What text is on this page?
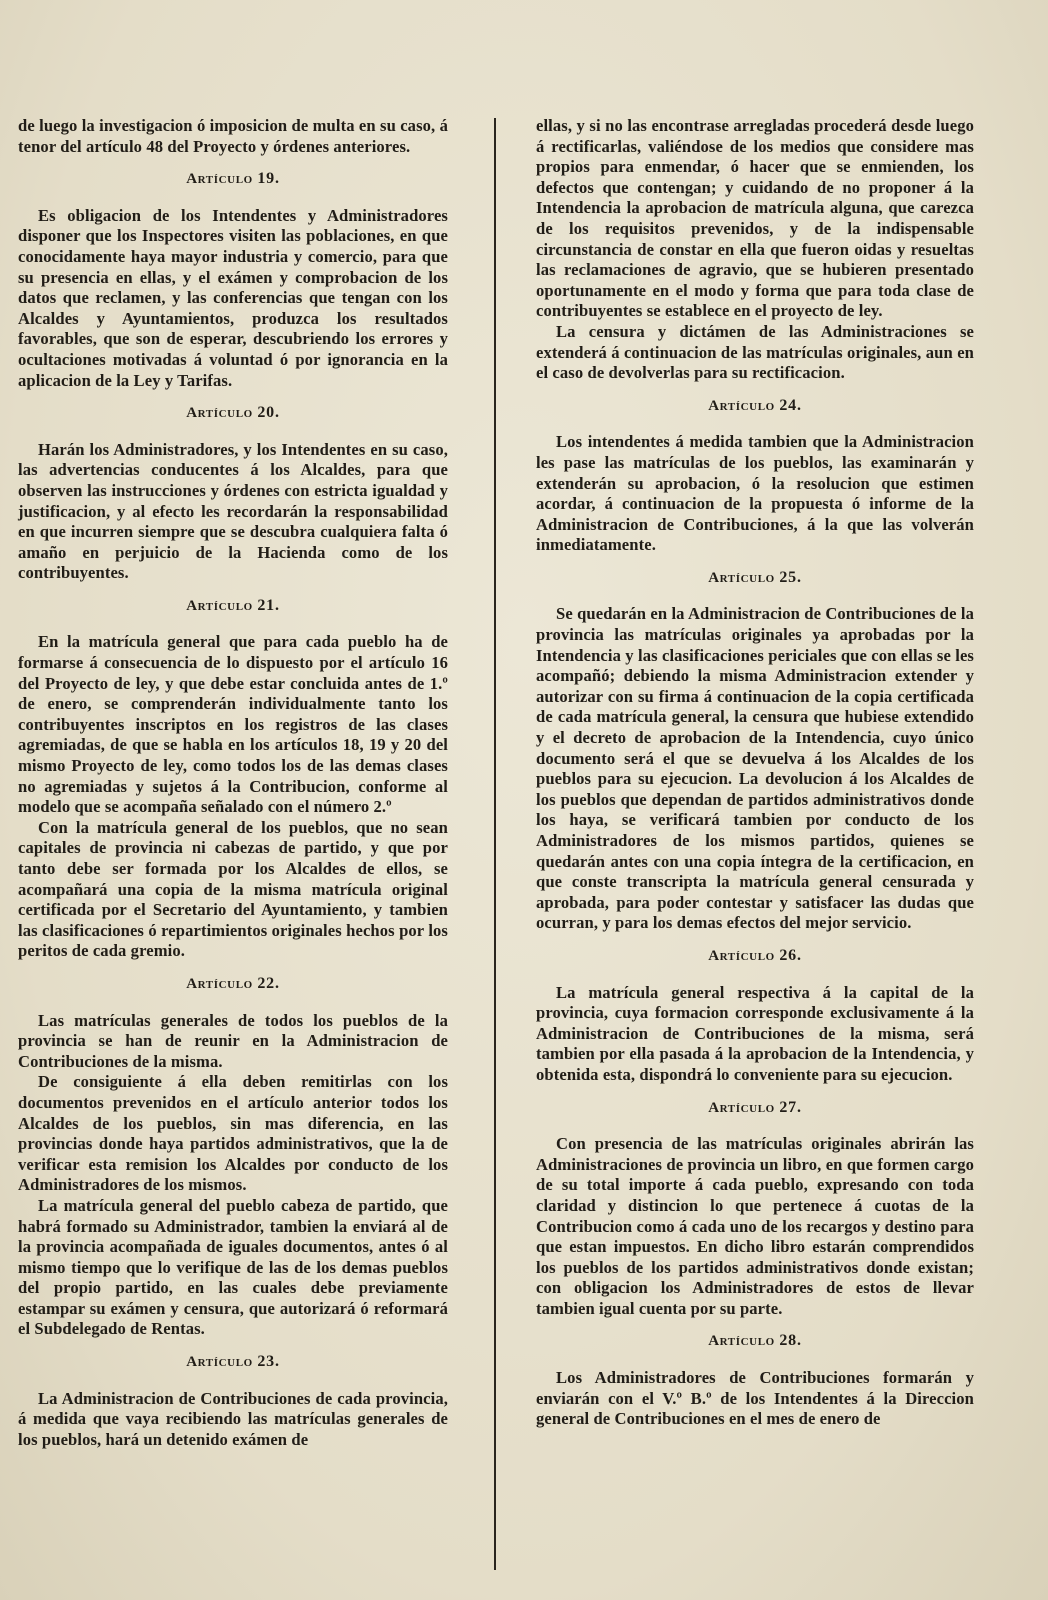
de luego la investigacion ó imposicion de multa en su caso, á tenor del artículo 48 del Proyecto y órdenes anteriores.

Artículo 19.

Es obligacion de los Intendentes y Administradores disponer que los Inspectores visiten las poblaciones, en que conocidamente haya mayor industria y comercio, para que su presencia en ellas, y el exámen y comprobacion de los datos que reclamen, y las conferencias que tengan con los Alcaldes y Ayuntamientos, produzca los resultados favorables, que son de esperar, descubriendo los errores y ocultaciones motivadas á voluntad ó por ignorancia en la aplicacion de la Ley y Tarifas.

Artículo 20.

Harán los Administradores, y los Intendentes en su caso, las advertencias conducentes á los Alcaldes, para que observen las instrucciones y órdenes con estricta igualdad y justificacion, y al efecto les recordarán la responsabilidad en que incurren siempre que se descubra cualquiera falta ó amaño en perjuicio de la Hacienda como de los contribuyentes.

Artículo 21.

En la matrícula general que para cada pueblo ha de formarse á consecuencia de lo dispuesto por el artículo 16 del Proyecto de ley, y que debe estar concluida antes de 1.º de enero, se comprenderán individualmente tanto los contribuyentes inscriptos en los registros de las clases agremiadas, de que se habla en los artículos 18, 19 y 20 del mismo Proyecto de ley, como todos los de las demas clases no agremiadas y sujetos á la Contribucion, conforme al modelo que se acompaña señalado con el número 2.º

Con la matrícula general de los pueblos, que no sean capitales de provincia ni cabezas de partido, y que por tanto debe ser formada por los Alcaldes de ellos, se acompañará una copia de la misma matrícula original certificada por el Secretario del Ayuntamiento, y tambien las clasificaciones ó repartimientos originales hechos por los peritos de cada gremio.

Artículo 22.

Las matrículas generales de todos los pueblos de la provincia se han de reunir en la Administracion de Contribuciones de la misma.

De consiguiente á ella deben remitirlas con los documentos prevenidos en el artículo anterior todos los Alcaldes de los pueblos, sin mas diferencia, en las provincias donde haya partidos administrativos, que la de verificar esta remision los Alcaldes por conducto de los Administradores de los mismos.

La matrícula general del pueblo cabeza de partido, que habrá formado su Administrador, tambien la enviará al de la provincia acompañada de iguales documentos, antes ó al mismo tiempo que lo verifique de las de los demas pueblos del propio partido, en las cuales debe previamente estampar su exámen y censura, que autorizará ó reformará el Subdelegado de Rentas.

Artículo 23.

La Administracion de Contribuciones de cada provincia, á medida que vaya recibiendo las matrículas generales de los pueblos, hará un detenido exámen de

ellas, y si no las encontrase arregladas procederá desde luego á rectificarlas, valiéndose de los medios que considere mas propios para enmendar, ó hacer que se enmienden, los defectos que contengan; y cuidando de no proponer á la Intendencia la aprobacion de matrícula alguna, que carezca de los requisitos prevenidos, y de la indispensable circunstancia de constar en ella que fueron oidas y resueltas las reclamaciones de agravio, que se hubieren presentado oportunamente en el modo y forma que para toda clase de contribuyentes se establece en el proyecto de ley.

La censura y dictámen de las Administraciones se extenderá á continuacion de las matrículas originales, aun en el caso de devolverlas para su rectificacion.

Artículo 24.

Los intendentes á medida tambien que la Administracion les pase las matrículas de los pueblos, las examinarán y extenderán su aprobacion, ó la resolucion que estimen acordar, á continuacion de la propuesta ó informe de la Administracion de Contribuciones, á la que las volverán inmediatamente.

Artículo 25.

Se quedarán en la Administracion de Contribuciones de la provincia las matrículas originales ya aprobadas por la Intendencia y las clasificaciones periciales que con ellas se les acompañó; debiendo la misma Administracion extender y autorizar con su firma á continuacion de la copia certificada de cada matrícula general, la censura que hubiese extendido y el decreto de aprobacion de la Intendencia, cuyo único documento será el que se devuelva á los Alcaldes de los pueblos para su ejecucion. La devolucion á los Alcaldes de los pueblos que dependan de partidos administrativos donde los haya, se verificará tambien por conducto de los Administradores de los mismos partidos, quienes se quedarán antes con una copia íntegra de la certificacion, en que conste transcripta la matrícula general censurada y aprobada, para poder contestar y satisfacer las dudas que ocurran, y para los demas efectos del mejor servicio.

Artículo 26.

La matrícula general respectiva á la capital de la provincia, cuya formacion corresponde exclusivamente á la Administracion de Contribuciones de la misma, será tambien por ella pasada á la aprobacion de la Intendencia, y obtenida esta, dispondrá lo conveniente para su ejecucion.

Artículo 27.

Con presencia de las matrículas originales abrirán las Administraciones de provincia un libro, en que formen cargo de su total importe á cada pueblo, expresando con toda claridad y distincion lo que pertenece á cuotas de la Contribucion como á cada uno de los recargos y destino para que estan impuestos. En dicho libro estarán comprendidos los pueblos de los partidos administrativos donde existan; con obligacion los Administradores de estos de llevar tambien igual cuenta por su parte.

Artículo 28.

Los Administradores de Contribuciones formarán y enviarán con el V.º B.º de los Intendentes á la Direccion general de Contribuciones en el mes de enero de
